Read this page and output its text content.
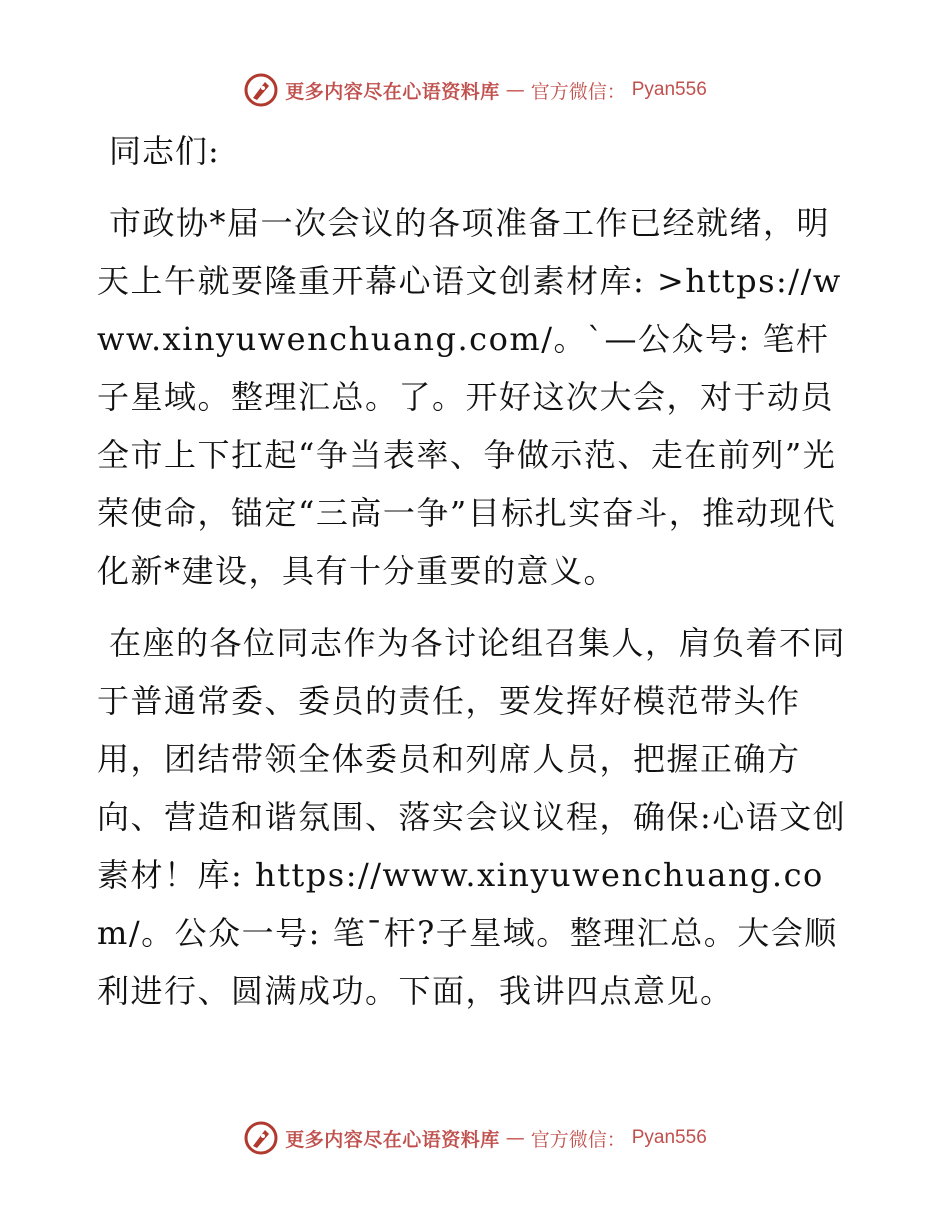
更多内容尽在心语资料库 — 官方微信： Pyan556
同志们:
市政协*届一次会议的各项准备工作已经就绪，明天上午就要隆重开幕心语文创素材库: >https://www.xinyuwenchuang.com/。`—公众号: 笔杆子星域。整理汇总。了。开好这次大会，对于动员全市上下扛起“争当表率、争做示范、走在前列”光荣使命，锚定“三高一争”目标扎实奋斗，推动现代化新*建设，具有十分重要的意义。
在座的各位同志作为各讨论组召集人，肩负着不同于普通常委、委员的责任，要发挥好模范带头作用，团结带领全体委员和列席人员，把握正确方向、营造和谐氛围、落实会议议程，确保:心语文创素材！库: https://www.xinyuwenchuang.com/。公众一号: 笔¯杆?子星域。整理汇总。大会顺利进行、圆满成功。下面，我讲四点意见。
更多内容尽在心语资料库 — 官方微信： Pyan556
